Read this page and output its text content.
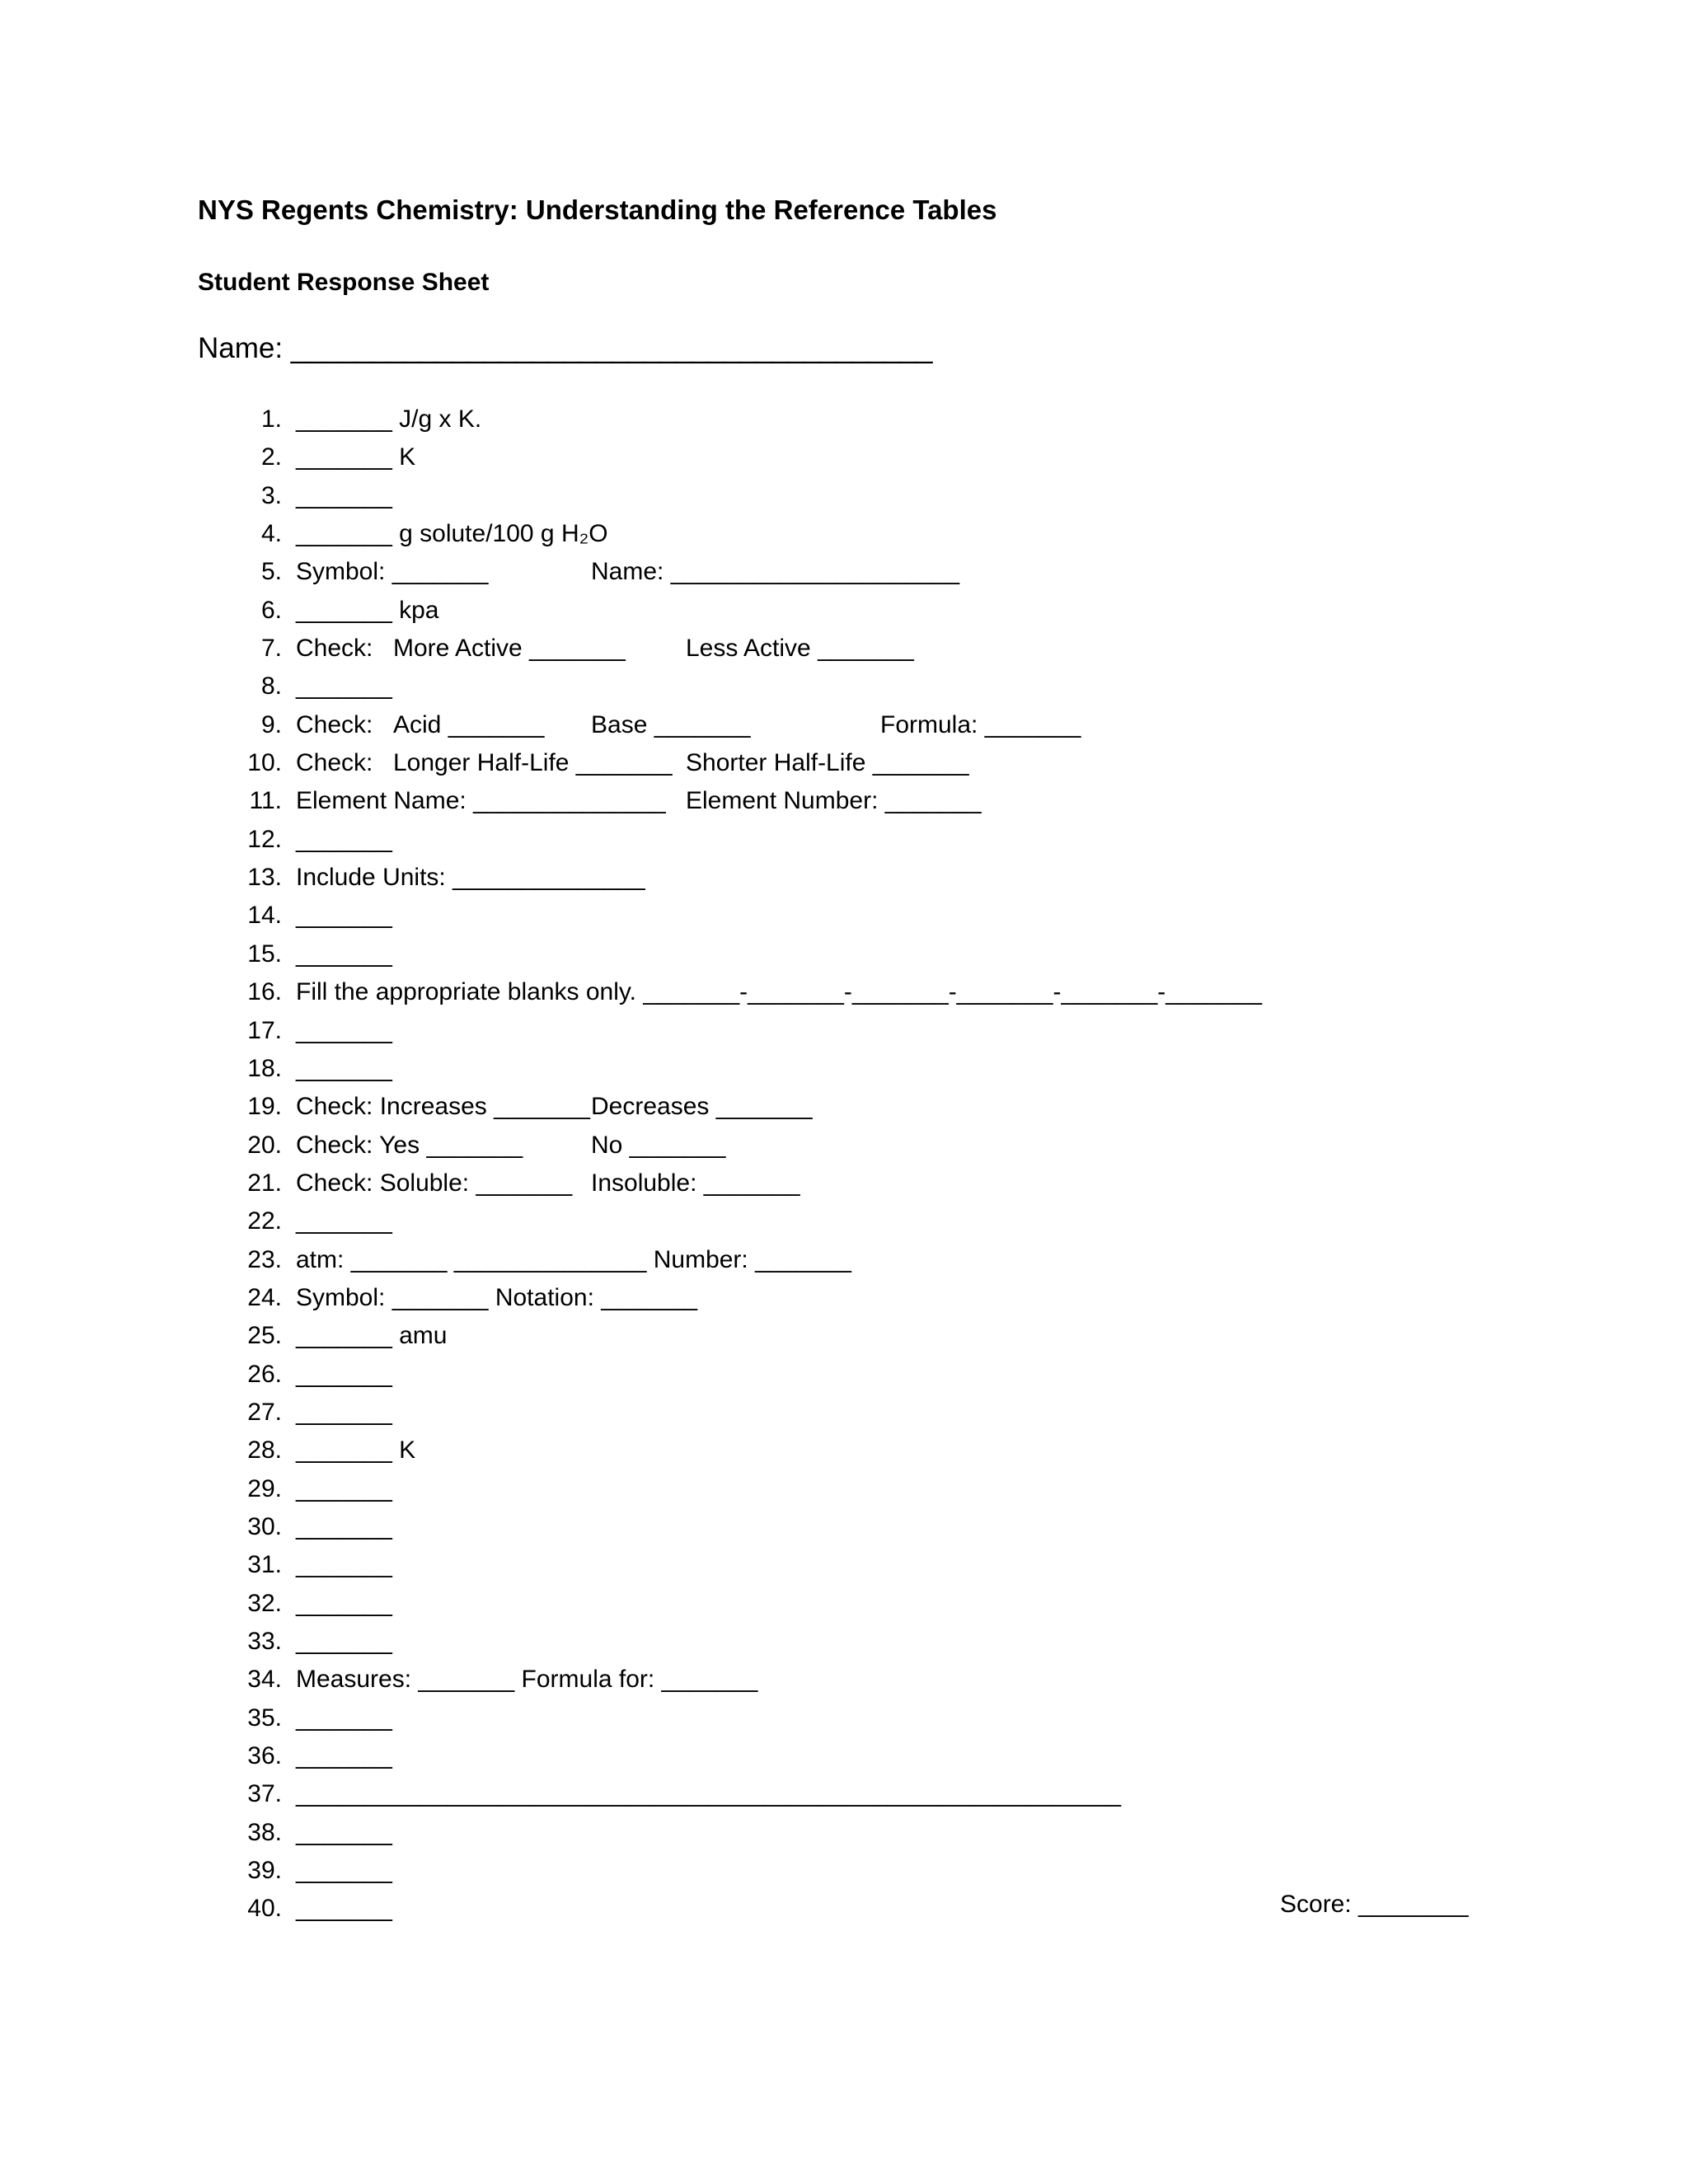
NYS Regents Chemistry: Understanding the Reference Tables
Student Response Sheet
Name: ________________________________________
1. _______ J/g x K.
2. _______ K
3. _______
4. _______ g solute/100 g H₂O
5. Symbol: _______	Name: _____________________
6. _______ kpa
7. Check: More Active _______ Less Active _______
8. _______
9. Check: Acid _______ Base _______	Formula: _______
10. Check: Longer Half-Life _______ Shorter Half-Life _______
11. Element Name: ______________ Element Number: _______
12. _______
13. Include Units: ______________
14. _______
15. _______
16. Fill the appropriate blanks only. _______-_______-_______-_______-_______-_______
17. _______
18. _______
19. Check: Increases _______ Decreases _______
20. Check: Yes _______	No _______
21. Check: Soluble: _______ Insoluble: _______
22. _______
23. atm: _______ ______________ Number: _______
24. Symbol: _______ Notation: _______
25. _______ amu
26. _______
27. _______
28. _______ K
29. _______
30. _______
31. _______
32. _______
33. _______
34. Measures: _______ Formula for: _______
35. _______
36. _______
37. ____________________________________________________________
38. _______
39. _______
40. _______	Score: ________
